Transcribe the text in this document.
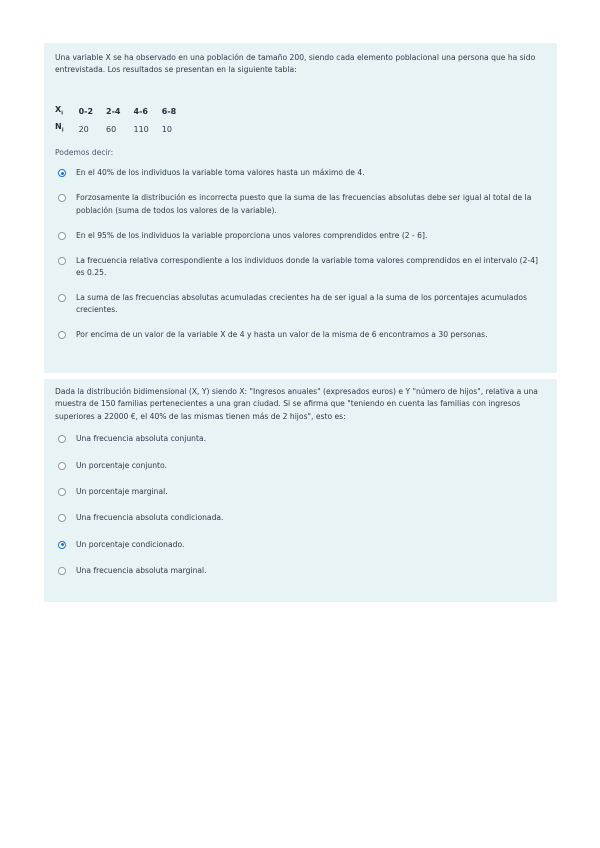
Una variable X se ha observado en una población de tamaño 200, siendo cada elemento poblacional una persona que ha sido entrevistada. Los resultados se presentan en la siguiente tabla:
$X_i$	0-2	2-4	4-6	6-8
$N_i$	20	60	110	10
Podemos decir:
En el 40% de los individuos la variable toma valores hasta un máximo de 4.
Forzosamente la distribución es incorrecta puesto que la suma de las frecuencias absolutas debe ser igual al total de la población (suma de todos los valores de la variable).
En el 95% de los individuos la variable proporciona unos valores comprendidos entre (2 - 6].
La frecuencia relativa correspondiente a los individuos donde la variable toma valores comprendidos en el intervalo (2-4] es 0.25.
La suma de las frecuencias absolutas acumuladas crecientes ha de ser igual a la suma de los porcentajes acumulados crecientes.
Por encima de un valor de la variable X de 4 y hasta un valor de la misma de 6 encontramos a 30 personas.
Dada la distribución bidimensional (X, Y) siendo X: "Ingresos anuales" (expresados euros) e Y "número de hijos", relativa a una muestra de 150 familias pertenecientes a una gran ciudad. Si se afirma que "teniendo en cuenta las familias con ingresos superiores a 22000 €, el 40% de las mismas tienen más de 2 hijos", esto es:
Una frecuencia absoluta conjunta.
Un porcentaje conjunto.
Un porcentaje marginal.
Una frecuencia absoluta condicionada.
Un porcentaje condicionado.
Una frecuencia absoluta marginal.
